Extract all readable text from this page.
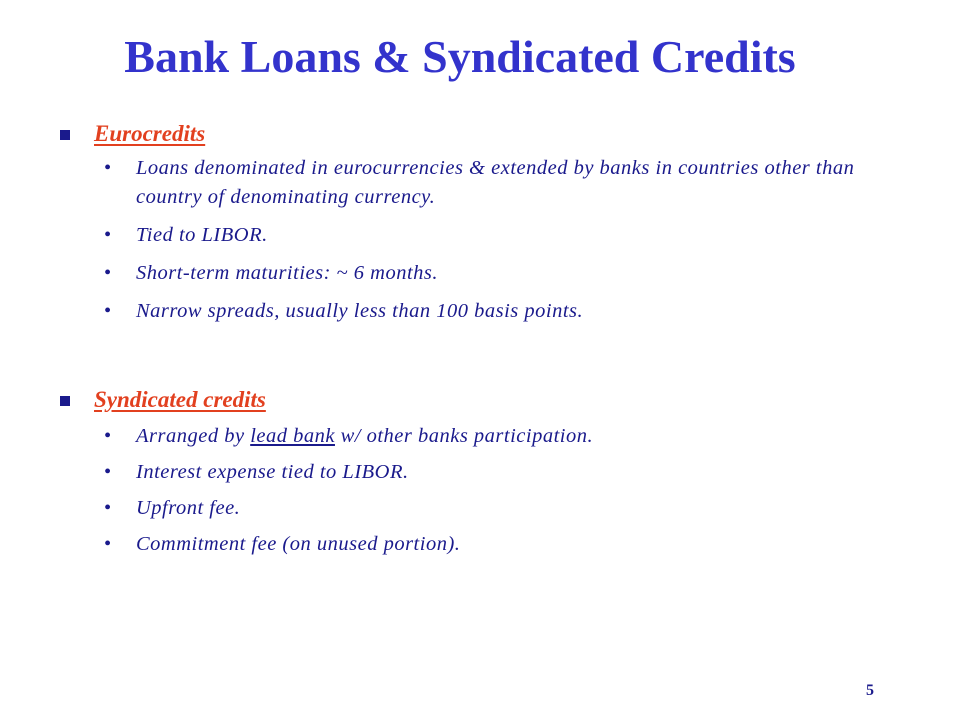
Bank Loans & Syndicated Credits
Eurocredits
• Loans denominated in eurocurrencies & extended by banks in countries other than country of denominating currency.
• Tied to LIBOR.
• Short-term maturities: ~ 6 months.
• Narrow spreads, usually less than 100 basis points.
Syndicated credits
• Arranged by lead bank w/ other banks participation.
• Interest expense tied to LIBOR.
• Upfront fee.
• Commitment fee (on unused portion).
5
